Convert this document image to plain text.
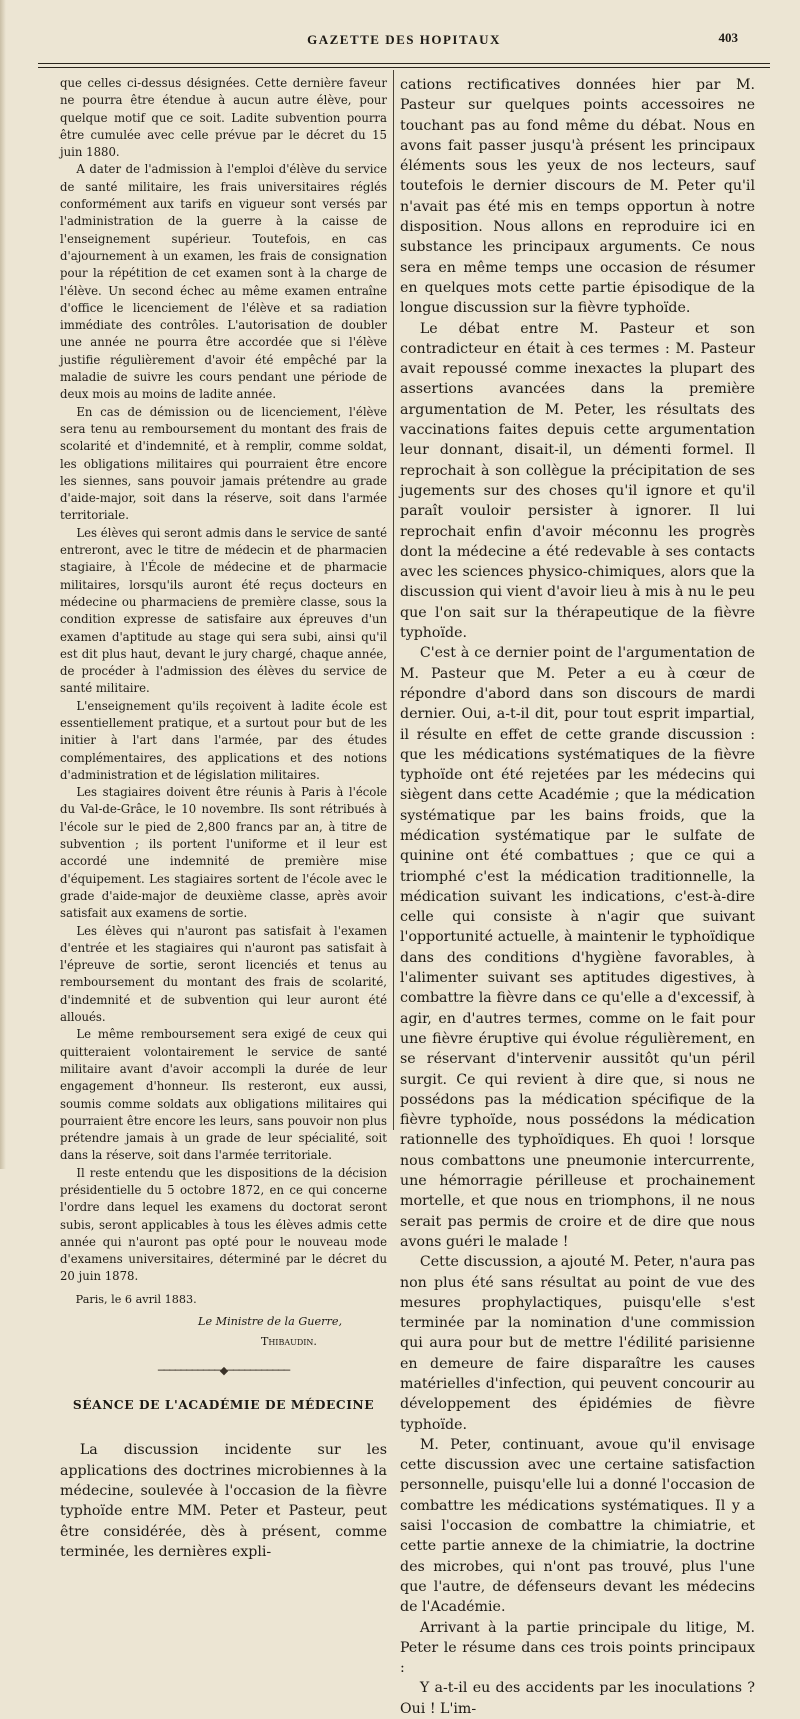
GAZETTE DES HOPITAUX	403

que celles ci-dessus désignées. Cette dernière faveur ne pourra être étendue à aucun autre élève, pour quelque motif que ce soit. Ladite subvention pourra être cumulée avec celle prévue par le décret du 15 juin 1880.

A dater de l'admission à l'emploi d'élève du service de santé militaire, les frais universitaires réglés conformément aux tarifs en vigueur sont versés par l'administration de la guerre à la caisse de l'enseignement supérieur. Toutefois, en cas d'ajournement à un examen, les frais de consignation pour la répétition de cet examen sont à la charge de l'élève. Un second échec au même examen entraîne d'office le licenciement de l'élève et sa radiation immédiate des contrôles. L'autorisation de doubler une année ne pourra être accordée que si l'élève justifie régulièrement d'avoir été empêché par la maladie de suivre les cours pendant une période de deux mois au moins de ladite année.

En cas de démission ou de licenciement, l'élève sera tenu au remboursement du montant des frais de scolarité et d'indemnité, et à remplir, comme soldat, les obligations militaires qui pourraient être encore les siennes, sans pouvoir jamais prétendre au grade d'aide-major, soit dans la réserve, soit dans l'armée territoriale.

Les élèves qui seront admis dans le service de santé entreront, avec le titre de médecin et de pharmacien stagiaire, à l'École de médecine et de pharmacie militaires, lorsqu'ils auront été reçus docteurs en médecine ou pharmaciens de première classe, sous la condition expresse de satisfaire aux épreuves d'un examen d'aptitude au stage qui sera subi, ainsi qu'il est dit plus haut, devant le jury chargé, chaque année, de procéder à l'admission des élèves du service de santé militaire.

L'enseignement qu'ils reçoivent à ladite école est essentiellement pratique, et a surtout pour but de les initier à l'art dans l'armée, par des études complémentaires, des applications et des notions d'administration et de législation militaires.

Les stagiaires doivent être réunis à Paris à l'école du Val-de-Grâce, le 10 novembre. Ils sont rétribués à l'école sur le pied de 2,800 francs par an, à titre de subvention ; ils portent l'uniforme et il leur est accordé une indemnité de première mise d'équipement. Les stagiaires sortent de l'école avec le grade d'aide-major de deuxième classe, après avoir satisfait aux examens de sortie.

Les élèves qui n'auront pas satisfait à l'examen d'entrée et les stagiaires qui n'auront pas satisfait à l'épreuve de sortie, seront licenciés et tenus au remboursement du montant des frais de scolarité, d'indemnité et de subvention qui leur auront été alloués.

Le même remboursement sera exigé de ceux qui quitteraient volontairement le service de santé militaire avant d'avoir accompli la durée de leur engagement d'honneur. Ils resteront, eux aussi, soumis comme soldats aux obligations militaires qui pourraient être encore les leurs, sans pouvoir non plus prétendre jamais à un grade de leur spécialité, soit dans la réserve, soit dans l'armée territoriale.

Il reste entendu que les dispositions de la décision présidentielle du 5 octobre 1872, en ce qui concerne l'ordre dans lequel les examens du doctorat seront subis, seront applicables à tous les élèves admis cette année qui n'auront pas opté pour le nouveau mode d'examens universitaires, déterminé par le décret du 20 juin 1878.

Paris, le 6 avril 1883.

Le Ministre de la Guerre,
Thibaudin.
───────────◆───────────
SÉANCE DE L'ACADÉMIE DE MÉDECINE

La discussion incidente sur les applications des doctrines microbiennes à la médecine, soulevée à l'occasion de la fièvre typhoïde entre MM. Peter et Pasteur, peut être considérée, dès à présent, comme terminée, les dernières expli-

cations rectificatives données hier par M. Pasteur sur quelques points accessoires ne touchant pas au fond même du débat. Nous en avons fait passer jusqu'à présent les principaux éléments sous les yeux de nos lecteurs, sauf toutefois le dernier discours de M. Peter qu'il n'avait pas été mis en temps opportun à notre disposition. Nous allons en reproduire ici en substance les principaux arguments. Ce nous sera en même temps une occasion de résumer en quelques mots cette partie épisodique de la longue discussion sur la fièvre typhoïde.

Le débat entre M. Pasteur et son contradicteur en était à ces termes : M. Pasteur avait repoussé comme inexactes la plupart des assertions avancées dans la première argumentation de M. Peter, les résultats des vaccinations faites depuis cette argumentation leur donnant, disait-il, un démenti formel. Il reprochait à son collègue la précipitation de ses jugements sur des choses qu'il ignore et qu'il paraît vouloir persister à ignorer. Il lui reprochait enfin d'avoir méconnu les progrès dont la médecine a été redevable à ses contacts avec les sciences physico-chimiques, alors que la discussion qui vient d'avoir lieu à mis à nu le peu que l'on sait sur la thérapeutique de la fièvre typhoïde.

C'est à ce dernier point de l'argumentation de M. Pasteur que M. Peter a eu à cœur de répondre d'abord dans son discours de mardi dernier. Oui, a-t-il dit, pour tout esprit impartial, il résulte en effet de cette grande discussion : que les médications systématiques de la fièvre typhoïde ont été rejetées par les médecins qui siègent dans cette Académie ; que la médication systématique par les bains froids, que la médication systématique par le sulfate de quinine ont été combattues ; que ce qui a triomphé c'est la médication traditionnelle, la médication suivant les indications, c'est-à-dire celle qui consiste à n'agir que suivant l'opportunité actuelle, à maintenir le typhoïdique dans des conditions d'hygiène favorables, à l'alimenter suivant ses aptitudes digestives, à combattre la fièvre dans ce qu'elle a d'excessif, à agir, en d'autres termes, comme on le fait pour une fièvre éruptive qui évolue régulièrement, en se réservant d'intervenir aussitôt qu'un péril surgit. Ce qui revient à dire que, si nous ne possédons pas la médication spécifique de la fièvre typhoïde, nous possédons la médication rationnelle des typhoïdiques. Eh quoi ! lorsque nous combattons une pneumonie intercurrente, une hémorragie périlleuse et prochainement mortelle, et que nous en triomphons, il ne nous serait pas permis de croire et de dire que nous avons guéri le malade !

Cette discussion, a ajouté M. Peter, n'aura pas non plus été sans résultat au point de vue des mesures prophylactiques, puisqu'elle s'est terminée par la nomination d'une commission qui aura pour but de mettre l'édilité parisienne en demeure de faire disparaître les causes matérielles d'infection, qui peuvent concourir au développement des épidémies de fièvre typhoïde.

M. Peter, continuant, avoue qu'il envisage cette discussion avec une certaine satisfaction personnelle, puisqu'elle lui a donné l'occasion de combattre les médications systématiques. Il y a saisi l'occasion de combattre la chimiatrie, et cette partie annexe de la chimiatrie, la doctrine des microbes, qui n'ont pas trouvé, plus l'une que l'autre, de défenseurs devant les médecins de l'Académie.

Arrivant à la partie principale du litige, M. Peter le résume dans ces trois points principaux :

Y a-t-il eu des accidents par les inoculations ? Oui ! L'im-
